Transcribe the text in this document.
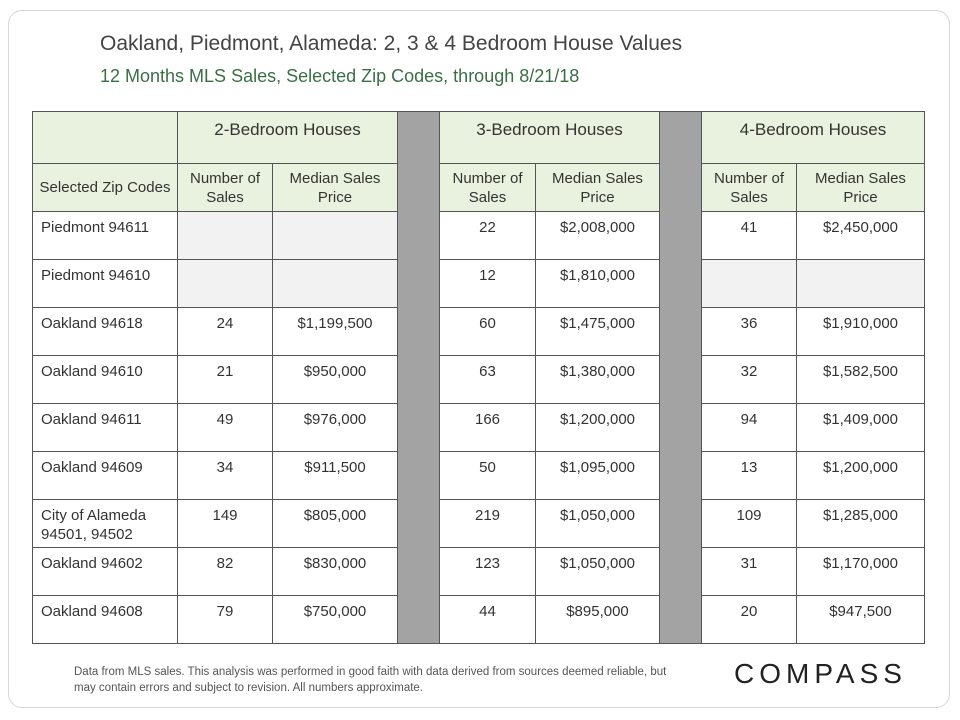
Oakland, Piedmont, Alameda: 2, 3 & 4 Bedroom House Values
12 Months MLS Sales, Selected Zip Codes, through 8/21/18
	2-Bedroom Houses			3-Bedroom Houses			4-Bedroom Houses	
Selected Zip Codes	Number of Sales	Median Sales Price		Number of Sales	Median Sales Price		Number of Sales	Median Sales Price
Piedmont 94611				22	$2,008,000		41	$2,450,000
Piedmont 94610				12	$1,810,000			
Oakland 94618	24	$1,199,500		60	$1,475,000		36	$1,910,000
Oakland 94610	21	$950,000		63	$1,380,000		32	$1,582,500
Oakland 94611	49	$976,000		166	$1,200,000		94	$1,409,000
Oakland 94609	34	$911,500		50	$1,095,000		13	$1,200,000
City of Alameda 94501, 94502	149	$805,000		219	$1,050,000		109	$1,285,000
Oakland 94602	82	$830,000		123	$1,050,000		31	$1,170,000
Oakland 94608	79	$750,000		44	$895,000		20	$947,500
Data from MLS sales. This analysis was performed in good faith with data derived from sources deemed reliable, but may contain errors and subject to revision. All numbers approximate.	COMPASS
